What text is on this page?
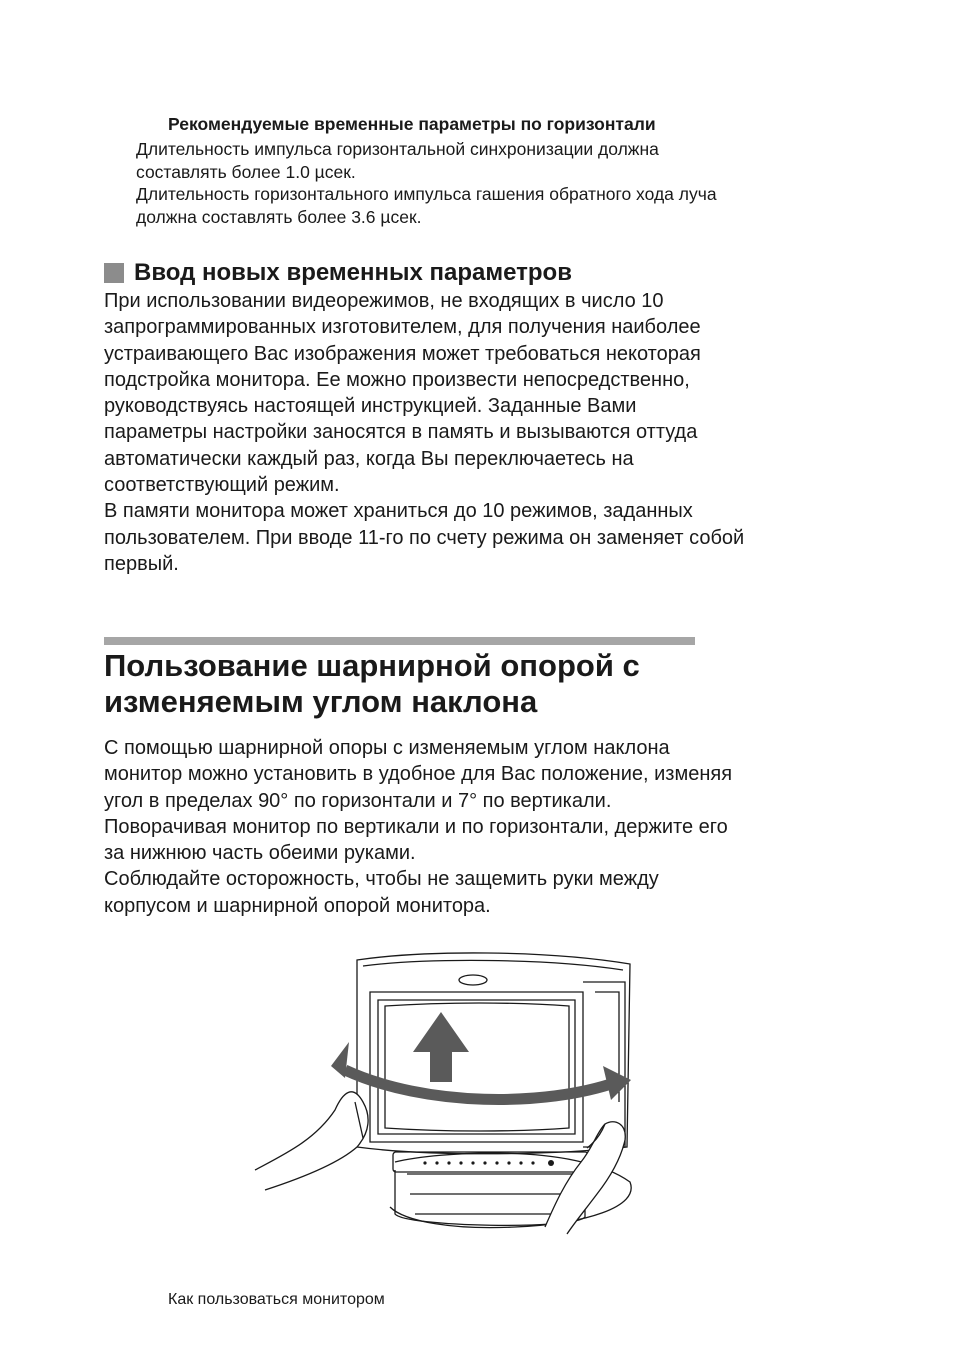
Рекомендуемые временные параметры по горизонтали

Длительность импульса горизонтальной синхронизации должна

составлять более 1.0 µсек.

Длительность горизонтального импульса гашения обратного хода луча

должна составлять более 3.6 µсек.

Ввод новых временных параметров

При использовании видеорежимов, не входящих в число 10

запрограммированных изготовителем, для получения наиболее

устраивающего Вас изображения может требоваться некоторая

подстройка монитора. Ее можно произвести непосредственно,

руководствуясь настоящей инструкцией. Заданные Вами

параметры настройки заносятся в память и вызываются оттуда

автоматически каждый раз, когда Вы переключаетесь на

соответствующий режим.

В памяти монитора может храниться до 10 режимов, заданных

пользователем. При вводе 11-го по счету режима он заменяет собой

первый.

Пользование шарнирной опорой с
изменяемым углом наклона

С помощью шарнирной опоры с изменяемым углом наклона

монитор можно установить в удобное для Вас положение, изменяя

угол в пределах 90° по горизонтали и 7° по вертикали.

Поворачивая монитор по вертикали и по горизонтали, держите его

за нижнюю часть обеими руками.

Соблюдайте осторожность, чтобы не защемить руки между

корпусом и шарнирной опорой монитора.

Как пользоваться монитором
